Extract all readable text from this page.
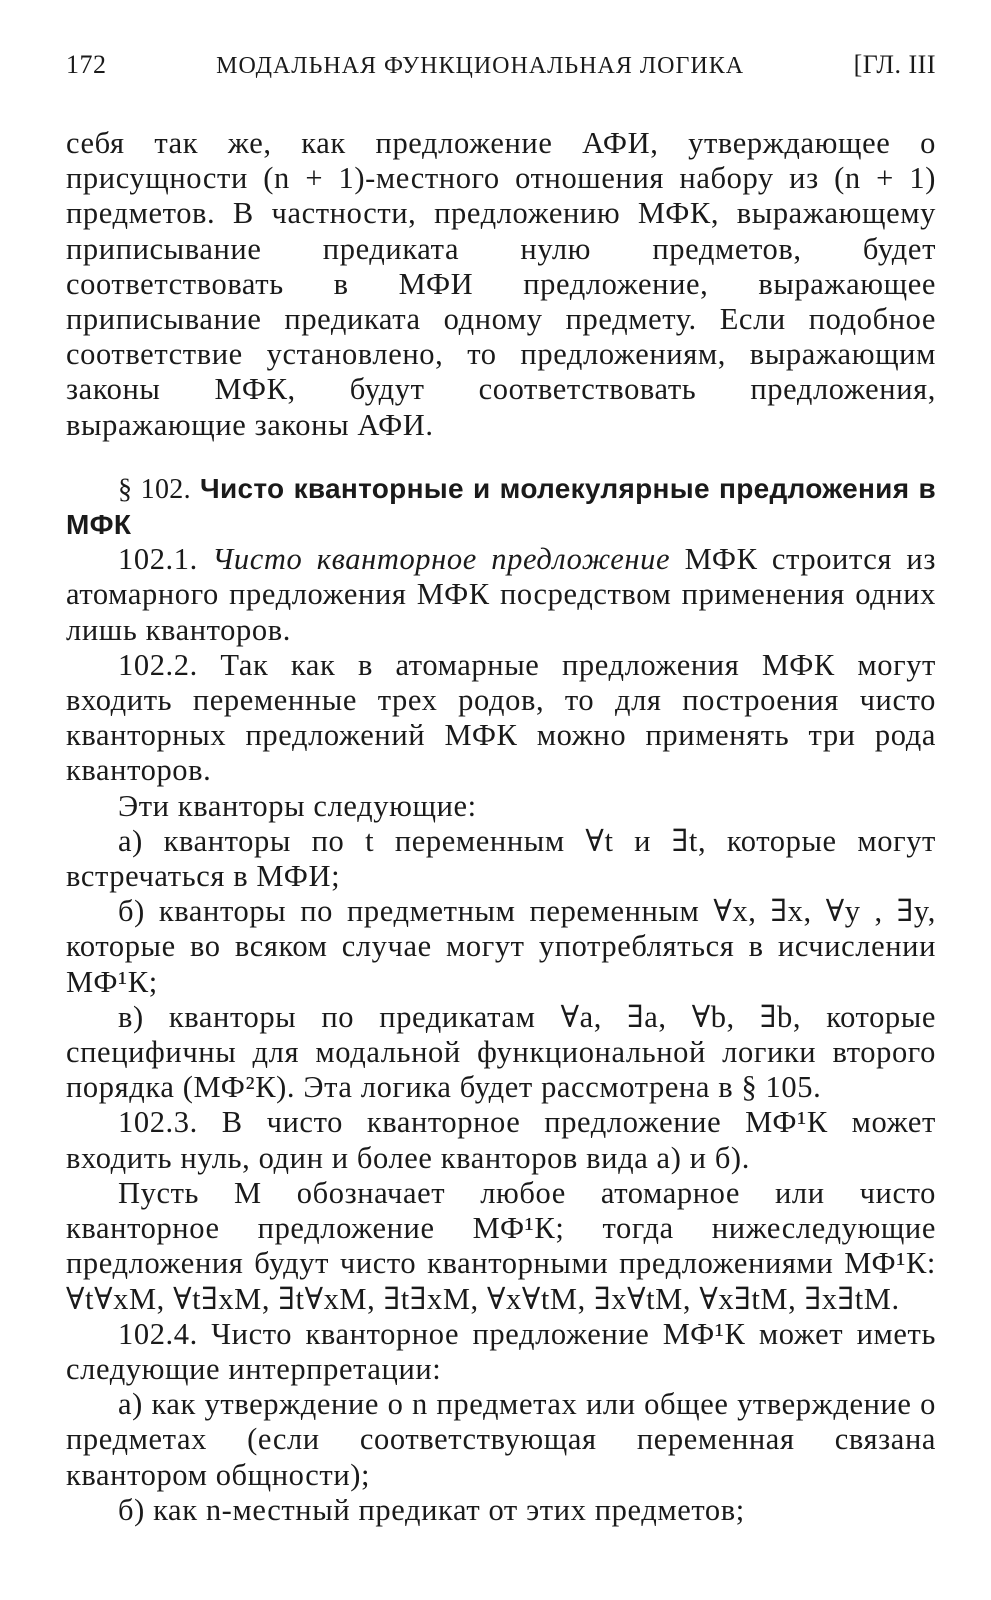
172	МОДАЛЬНАЯ ФУНКЦИОНАЛЬНАЯ ЛОГИКА	[ГЛ. III

себя так же, как предложение АФИ, утверждающее о присущности (n + 1)-местного отношения набору из (n + 1) предметов. В частности, предложению МФК, выражающему приписывание предиката нулю предметов, будет соответствовать в МФИ предложение, выражающее приписывание предиката одному предмету. Если подобное соответствие установлено, то предложениям, выражающим законы МФК, будут соответствовать предложения, выражающие законы АФИ.

§ 102. Чисто кванторные и молекулярные предложения в МФК

102.1. Чисто кванторное предложение МФК строится из атомарного предложения МФК посредством применения одних лишь кванторов.

102.2. Так как в атомарные предложения МФК могут входить переменные трех родов, то для построения чисто кванторных предложений МФК можно применять три рода кванторов.

Эти кванторы следующие:

а) кванторы по t переменным ∀t и ∃t, которые могут встречаться в МФИ;

б) кванторы по предметным переменным ∀x, ∃x, ∀y , ∃y, которые во всяком случае могут употребляться в исчислении МФ¹К;

в) кванторы по предикатам ∀a, ∃a, ∀b, ∃b, которые специфичны для модальной функциональной логики второго порядка (МФ²К). Эта логика будет рассмотрена в § 105.

102.3. В чисто кванторное предложение МФ¹К может входить нуль, один и более кванторов вида а) и б).

Пусть M обозначает любое атомарное или чисто кванторное предложение МФ¹К; тогда нижеследующие предложения будут чисто кванторными предложениями МФ¹К: ∀t∀xM, ∀t∃xM, ∃t∀xM, ∃t∃xM, ∀x∀tM, ∃x∀tM, ∀x∃tM, ∃x∃tM.

102.4. Чисто кванторное предложение МФ¹К может иметь следующие интерпретации:

а) как утверждение о n предметах или общее утверждение о предметах (если соответствующая переменная связана квантором общности);

б) как n-местный предикат от этих предметов;
